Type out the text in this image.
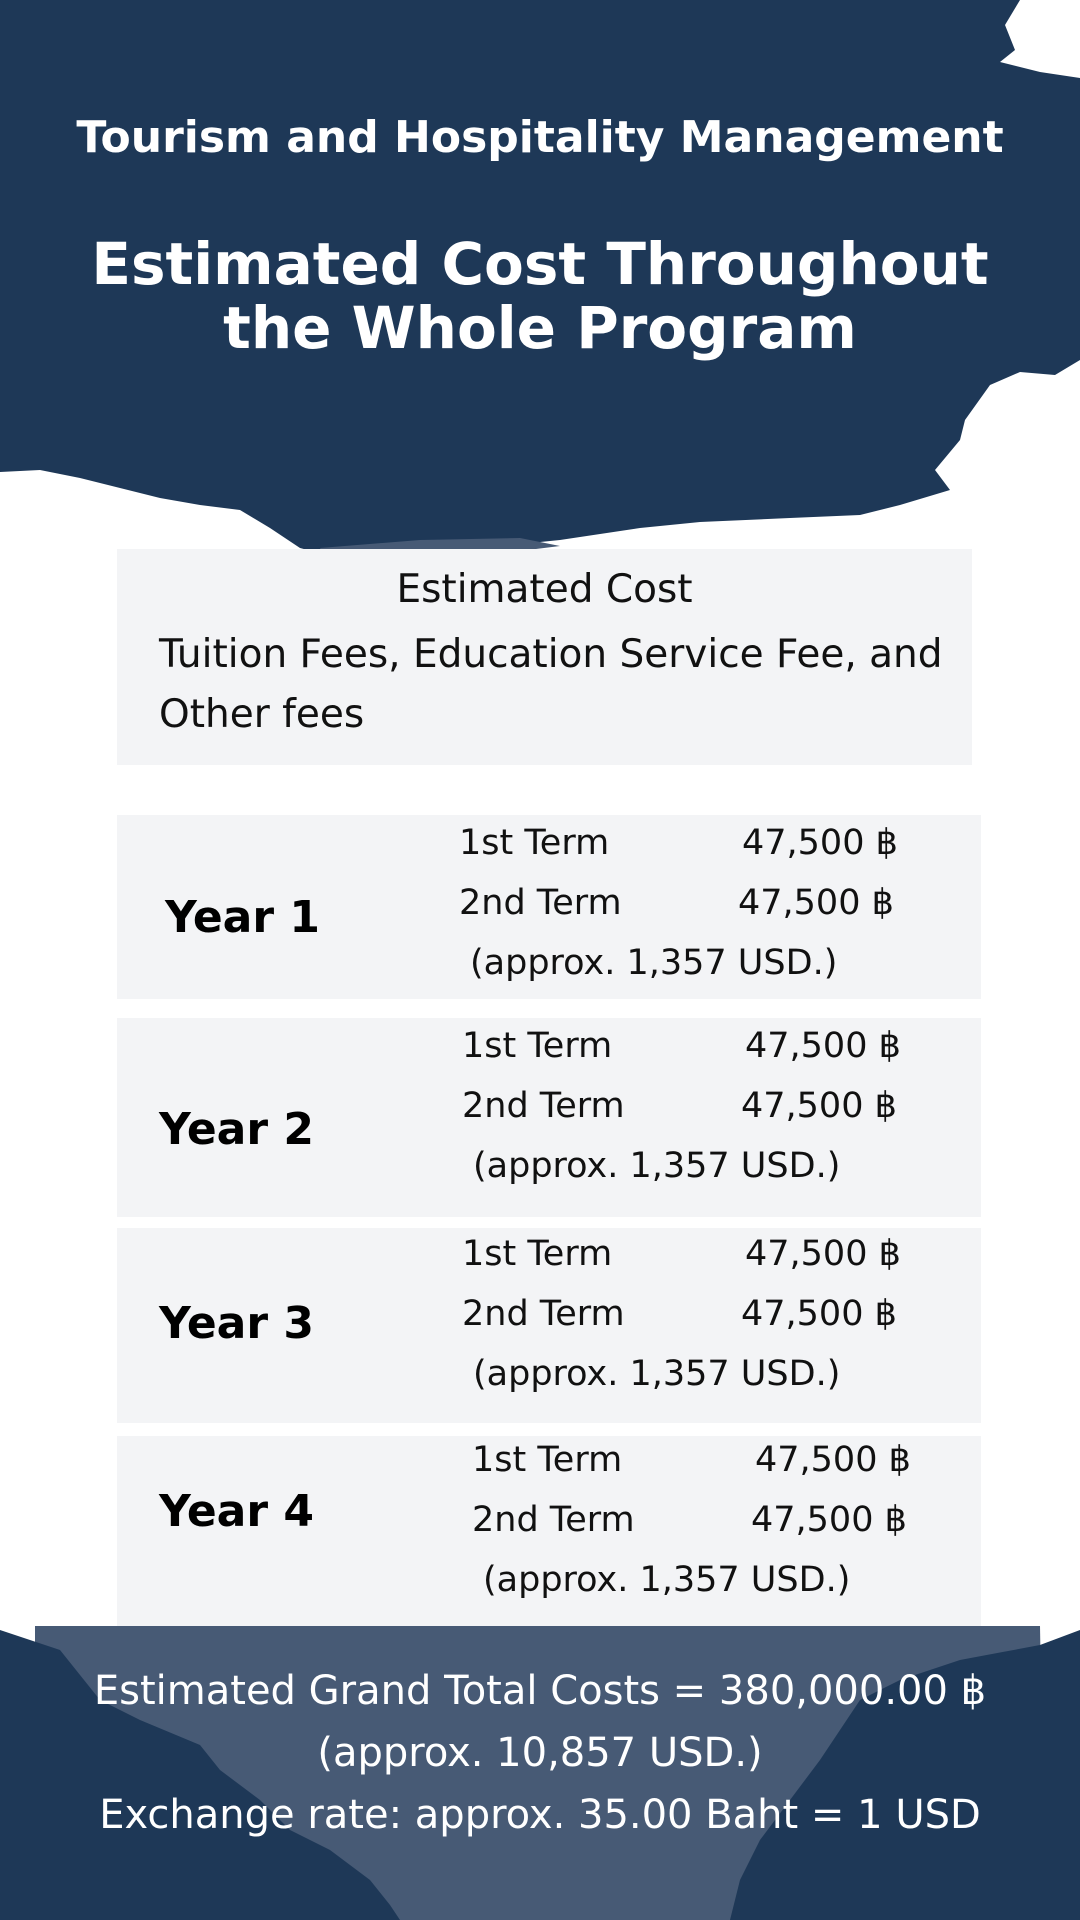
Tourism and Hospitality Management
Estimated Cost Throughout the Whole Program
Estimated Cost
Tuition Fees, Education Service Fee, and Other fees
Year 1
1st Term	47,500 ฿
2nd Term	47,500 ฿
(approx. 1,357 USD.)
Year 2
1st Term	47,500 ฿
2nd Term	47,500 ฿
(approx. 1,357 USD.)
Year 3
1st Term	47,500 ฿
2nd Term	47,500 ฿
(approx. 1,357 USD.)
Year 4
1st Term	47,500 ฿
2nd Term	47,500 ฿
(approx. 1,357 USD.)
Estimated Grand Total Costs = 380,000.00 ฿
(approx. 10,857 USD.)
Exchange rate: approx. 35.00 Baht = 1 USD
